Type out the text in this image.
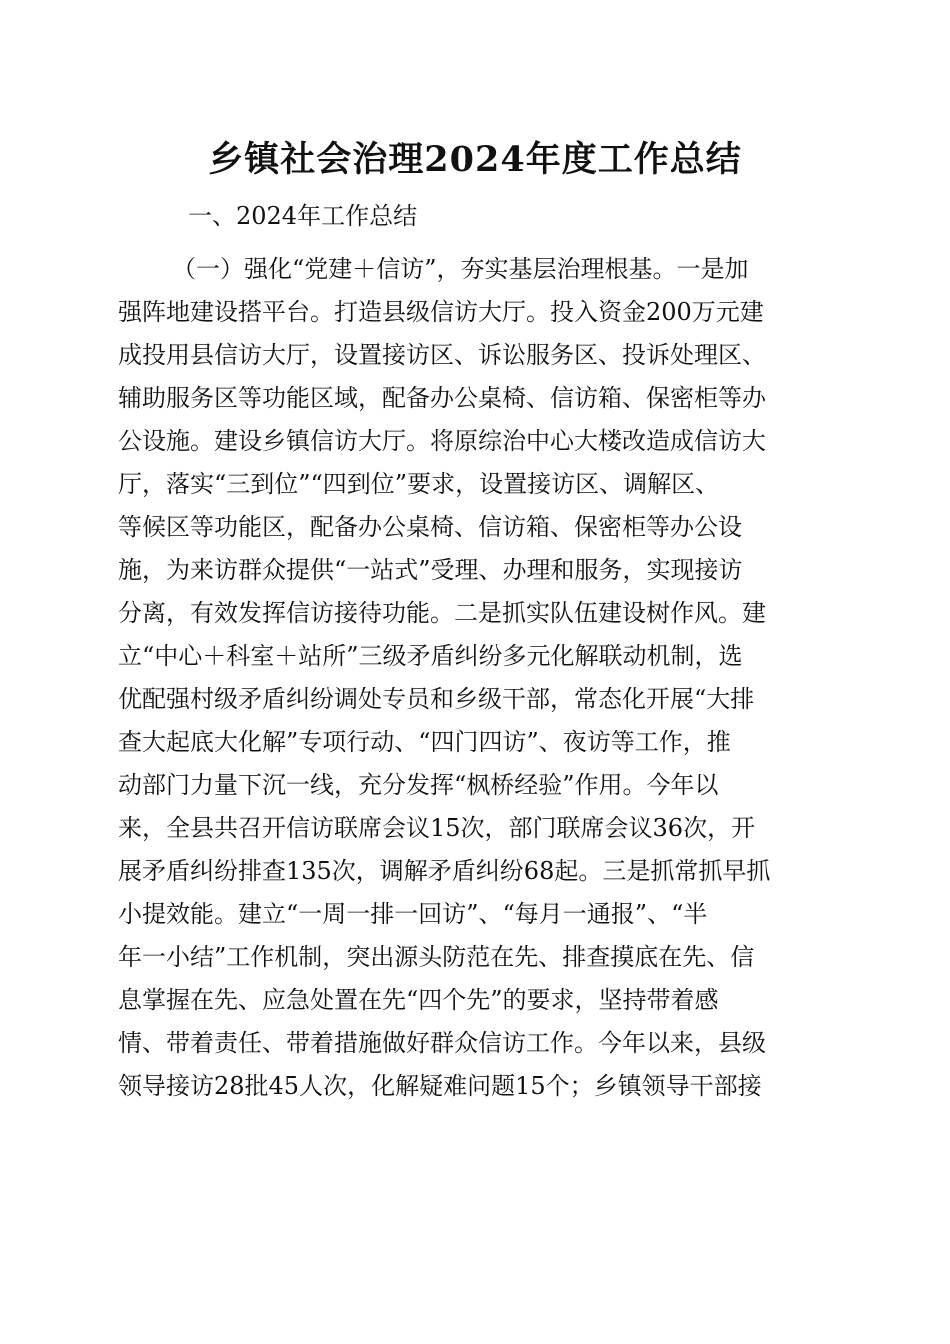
乡镇社会治理2024年度工作总结

一、2024年工作总结

（一）强化“党建＋信访”，夯实基层治理根基。一是加

强阵地建设搭平台。打造县级信访大厅。投入资金200万元建

成投用县信访大厅，设置接访区、诉讼服务区、投诉处理区、

辅助服务区等功能区域，配备办公桌椅、信访箱、保密柜等办

公设施。建设乡镇信访大厅。将原综治中心大楼改造成信访大

厅，落实“三到位”“四到位”要求，设置接访区、调解区、

等候区等功能区，配备办公桌椅、信访箱、保密柜等办公设

施，为来访群众提供“一站式”受理、办理和服务，实现接访

分离，有效发挥信访接待功能。二是抓实队伍建设树作风。建

立“中心＋科室＋站所”三级矛盾纠纷多元化解联动机制，选

优配强村级矛盾纠纷调处专员和乡级干部，常态化开展“大排

查大起底大化解”专项行动、“四门四访”、夜访等工作，推

动部门力量下沉一线，充分发挥“枫桥经验”作用。今年以

来，全县共召开信访联席会议15次，部门联席会议36次，开

展矛盾纠纷排查135次，调解矛盾纠纷68起。三是抓常抓早抓

小提效能。建立“一周一排一回访”、“每月一通报”、“半

年一小结”工作机制，突出源头防范在先、排查摸底在先、信

息掌握在先、应急处置在先“四个先”的要求，坚持带着感

情、带着责任、带着措施做好群众信访工作。今年以来，县级

领导接访28批45人次，化解疑难问题15个；乡镇领导干部接
